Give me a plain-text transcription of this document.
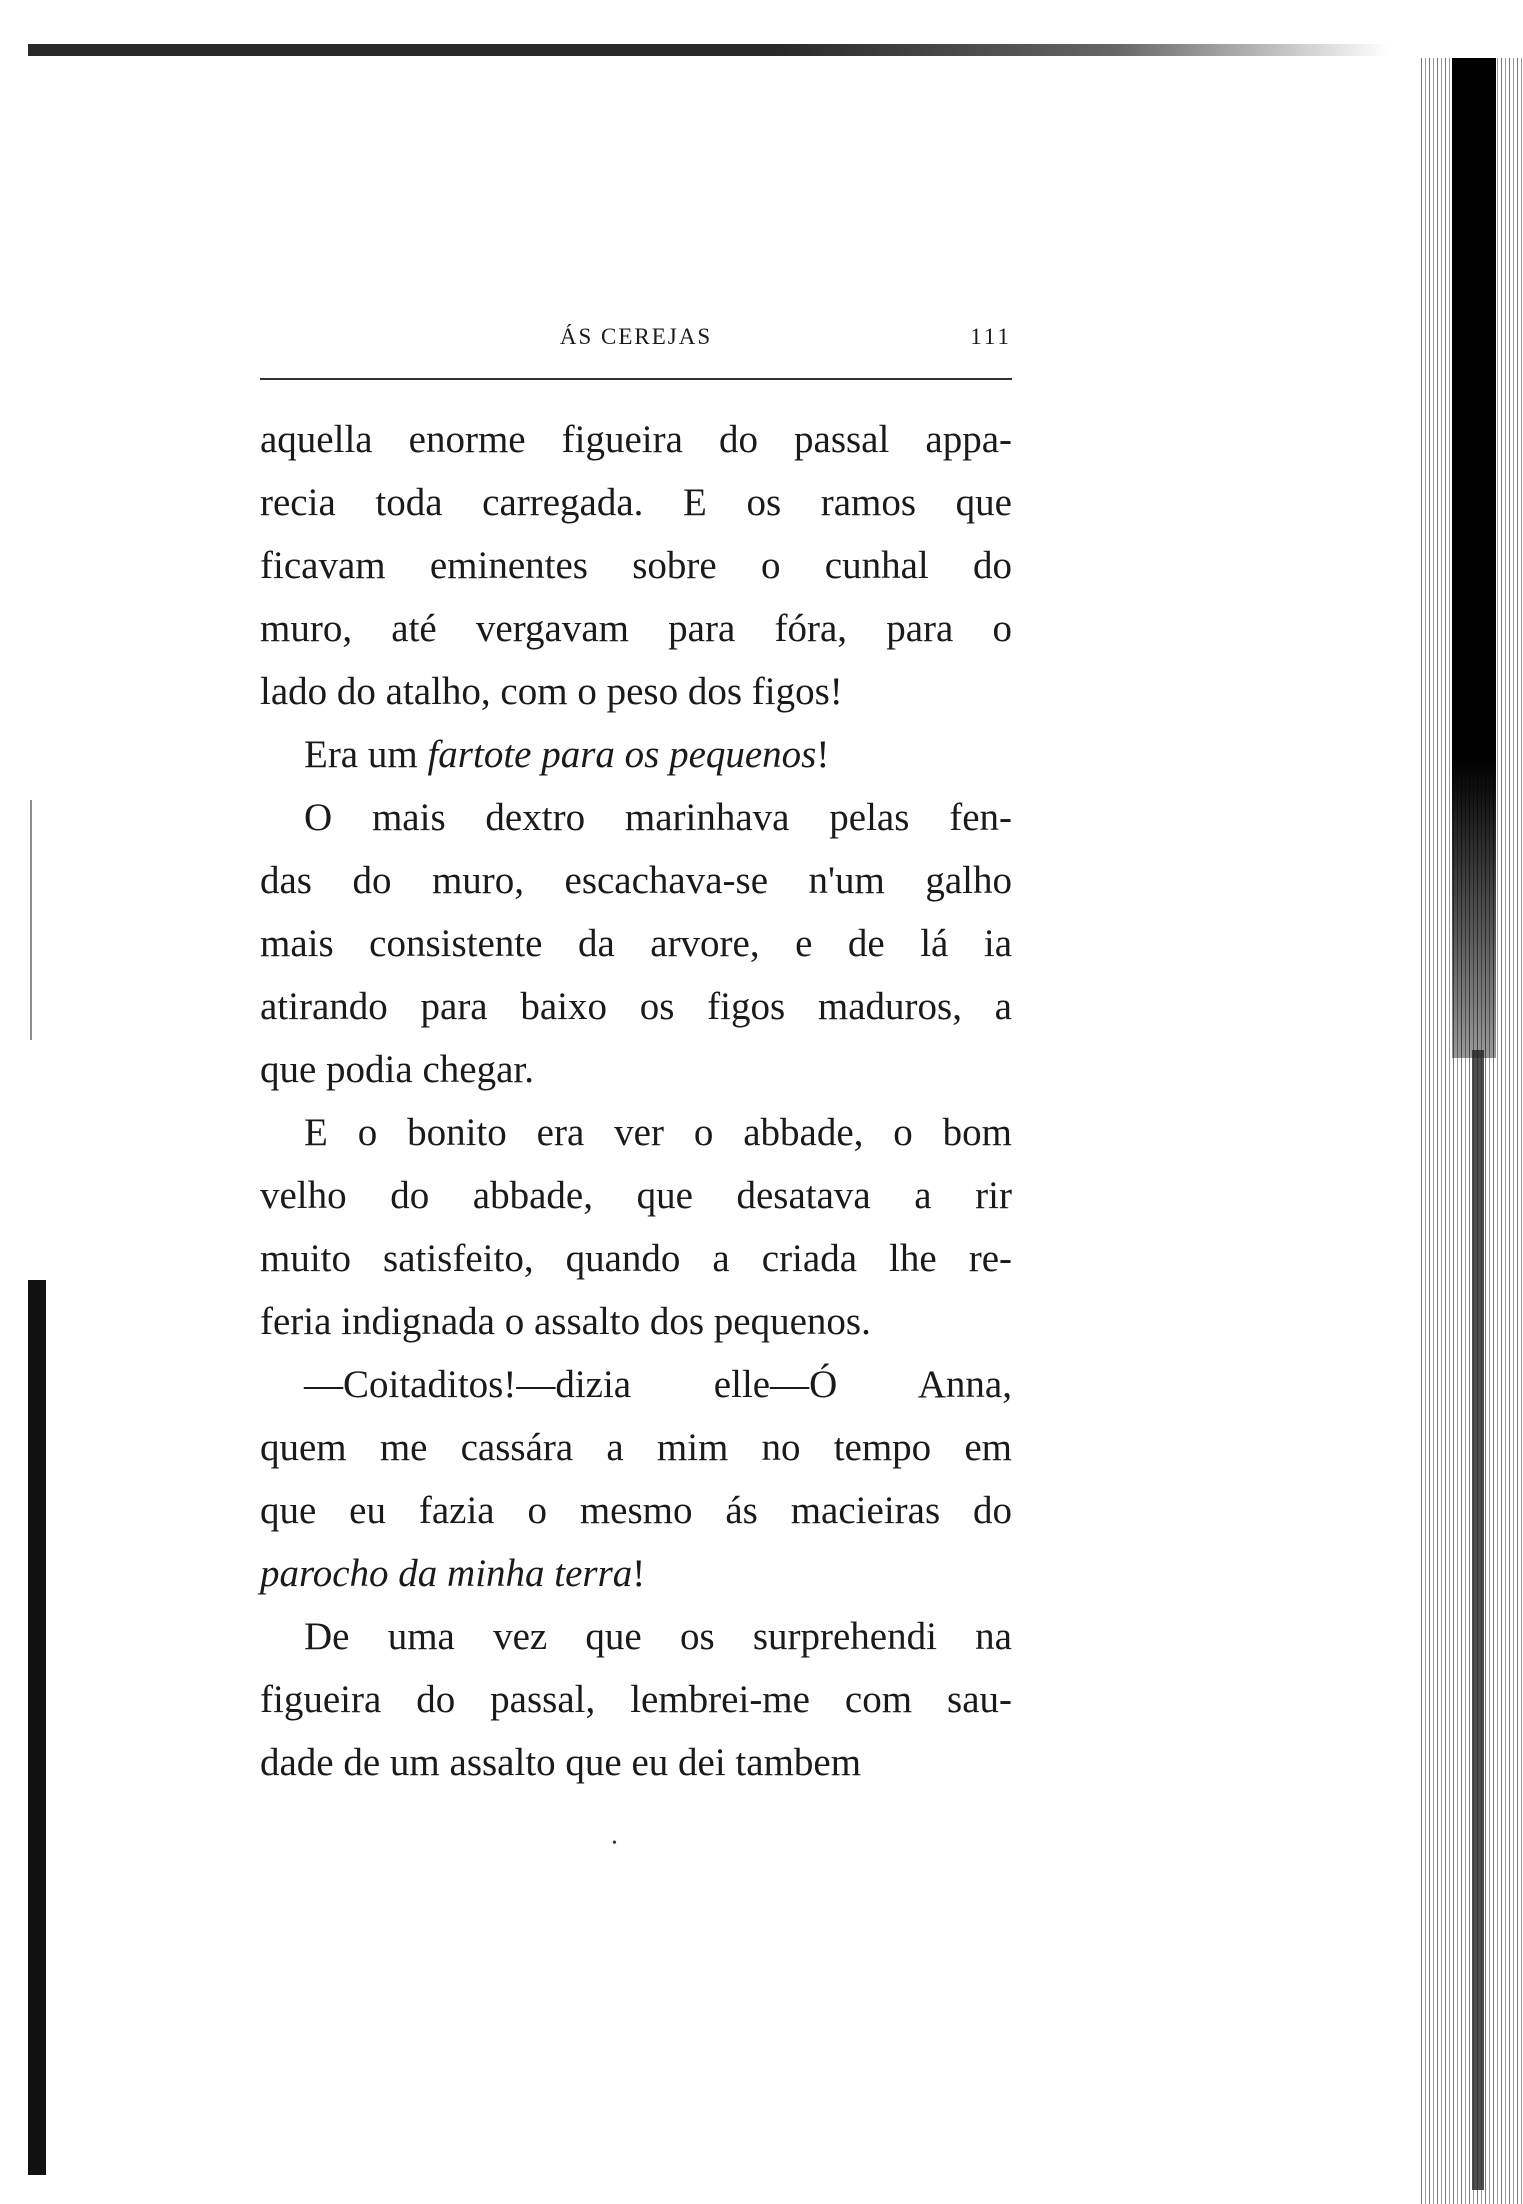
ÁS CEREJAS	111
aquella enorme figueira do passal appa-
recia toda carregada. E os ramos que
ficavam eminentes sobre o cunhal do
muro, até vergavam para fóra, para o
lado do atalho, com o peso dos figos!
Era um fartote para os pequenos!
O mais dextro marinhava pelas fen-
das do muro, escachava-se n'um galho
mais consistente da arvore, e de lá ia
atirando para baixo os figos maduros, a
que podia chegar.
E o bonito era ver o abbade, o bom
velho do abbade, que desatava a rir
muito satisfeito, quando a criada lhe re-
feria indignada o assalto dos pequenos.
—Coitaditos!—dizia elle—Ó Anna,
quem me cassára a mim no tempo em
que eu fazia o mesmo ás macieiras do
parocho da minha terra!
De uma vez que os surprehendi na
figueira do passal, lembrei-me com sau-
dade de um assalto que eu dei tambem
•
